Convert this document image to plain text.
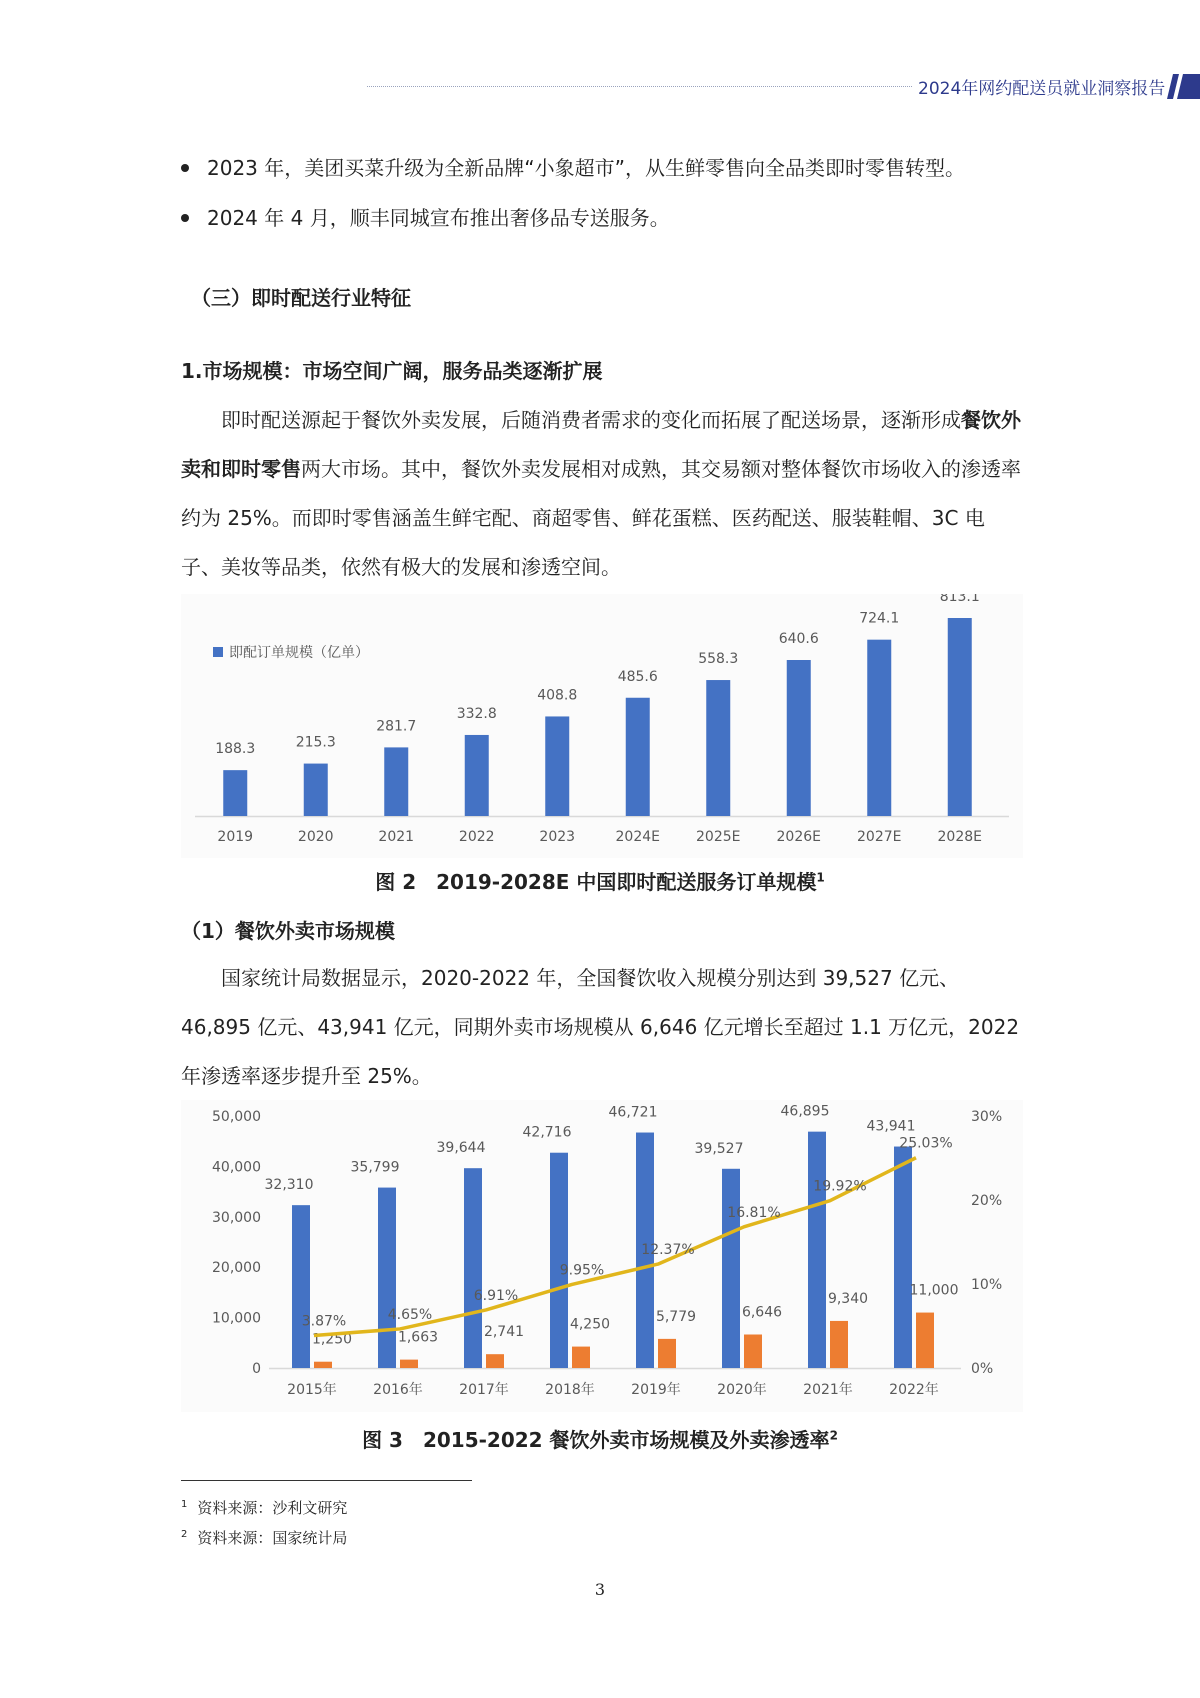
2024年网约配送员就业洞察报告
2023 年，美团买菜升级为全新品牌“小象超市”，从生鲜零售向全品类即时零售转型。
2024 年 4 月，顺丰同城宣布推出奢侈品专送服务。
（三）即时配送行业特征
1.市场规模：市场空间广阔，服务品类逐渐扩展
即时配送源起于餐饮外卖发展，后随消费者需求的变化而拓展了配送场景，逐渐形成餐饮外卖和即时零售两大市场。其中，餐饮外卖发展相对成熟，其交易额对整体餐饮市场收入的渗透率约为 25%。而即时零售涵盖生鲜宅配、商超零售、鲜花蛋糕、医药配送、服装鞋帽、3C 电子、美妆等品类，依然有极大的发展和渗透空间。
即配订单规模（亿单）
188.3
2019
215.3
2020
281.7
2021
332.8
2022
408.8
2023
485.6
2024E
558.3
2025E
640.6
2026E
724.1
2027E
813.1
2028E
图 2　2019-2028E 中国即时配送服务订单规模$^1$
（1）餐饮外卖市场规模
国家统计局数据显示，2020-2022 年，全国餐饮收入规模分别达到 39,527 亿元、46,895 亿元、43,941 亿元，同期外卖市场规模从 6,646 亿元增长至超过 1.1 万亿元，2022 年渗透率逐步提升至 25%。
0
10,000
20,000
30,000
40,000
50,000
0%
10%
20%
30%
32,310
1,250
2015年
35,799
1,663
2016年
39,644
2,741
2017年
42,716
4,250
2018年
46,721
5,779
2019年
39,527
6,646
2020年
46,895
9,340
2021年
43,941
11,000
2022年
3.87%	4.65%
6.91%
9.95%
12.37%
16.81%
19.92%
25.03%
图 3　2015-2022 餐饮外卖市场规模及外卖渗透率$^2$
$^1$ 资料来源：沙利文研究
$^2$ 资料来源：国家统计局
3
